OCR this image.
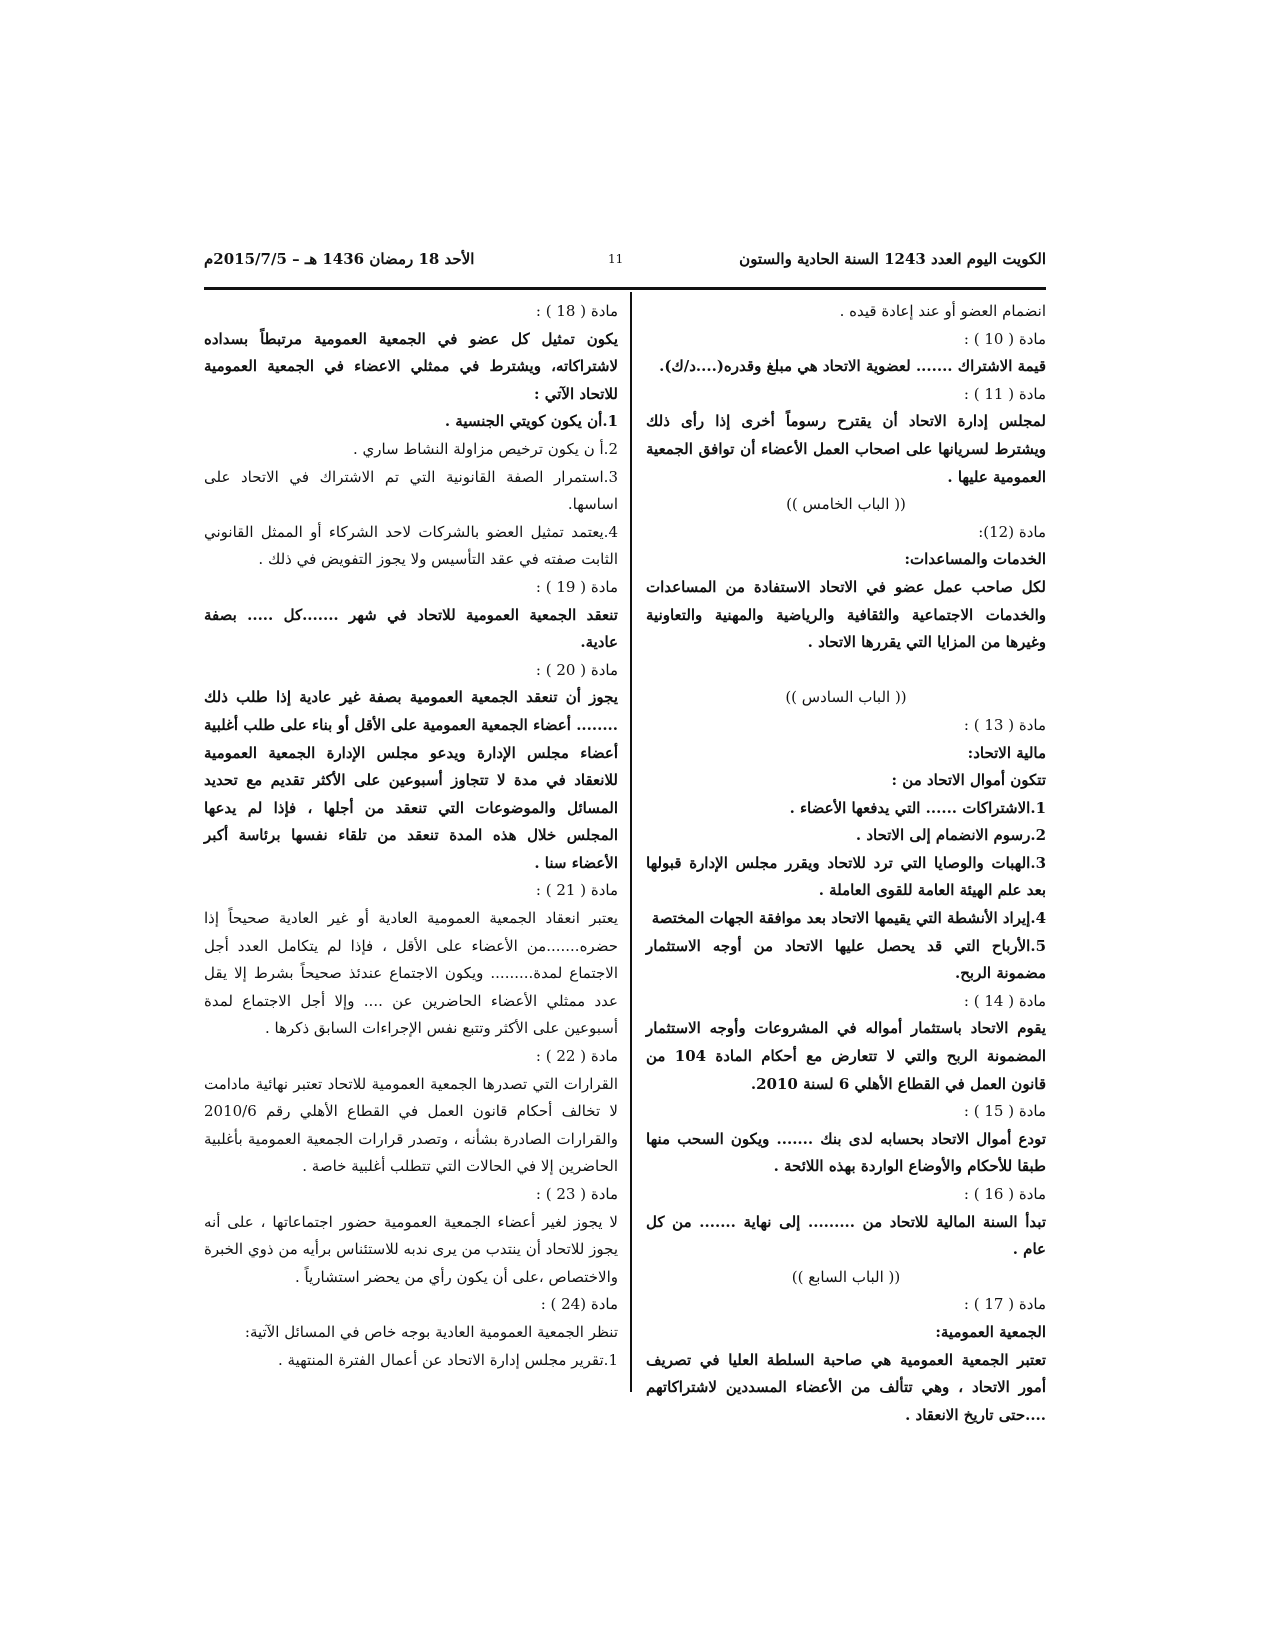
الكويت اليوم العدد 1243 السنة الحادية والستون
11
الأحد 18 رمضان 1436 هـ – 2015/7/5م

انضمام العضو أو عند إعادة قيده .

مادة ( 10 ) :

قيمة الاشتراك ....... لعضوية الاتحاد هي مبلغ وقدره(....د/ك).

مادة ( 11 ) :

لمجلس إدارة الاتحاد أن يقترح رسوماً أخرى إذا رأى ذلك ويشترط لسريانها على اصحاب العمل الأعضاء أن توافق الجمعية العمومية عليها .

(( الباب الخامس ))

مادة (12):

الخدمات والمساعدات:

لكل صاحب عمل عضو في الاتحاد الاستفادة من المساعدات والخدمات الاجتماعية والثقافية والرياضية والمهنية والتعاونية وغيرها من المزايا التي يقررها الاتحاد .

(( الباب السادس ))

مادة ( 13 ) :

مالية الاتحاد:

تتكون أموال الاتحاد من :

1.الاشتراكات ...... التي يدفعها الأعضاء .

2.رسوم الانضمام إلى الاتحاد .

3.الهبات والوصايا التي ترد للاتحاد ويقرر مجلس الإدارة قبولها بعد علم الهيئة العامة للقوى العاملة .

4.إيراد الأنشطة التي يقيمها الاتحاد بعد موافقة الجهات المختصة

5.الأرباح التي قد يحصل عليها الاتحاد من أوجه الاستثمار مضمونة الربح.

مادة ( 14 ) :

يقوم الاتحاد باستثمار أمواله في المشروعات وأوجه الاستثمار المضمونة الربح والتي لا تتعارض مع أحكام المادة 104 من قانون العمل في القطاع الأهلي 6 لسنة 2010.

مادة ( 15 ) :

تودع أموال الاتحاد بحسابه لدى بنك ....... ويكون السحب منها طبقا للأحكام والأوضاع الواردة بهذه اللائحة .

مادة ( 16 ) :

تبدأ السنة المالية للاتحاد من ......... إلى نهاية ....... من كل عام .

(( الباب السابع ))

مادة ( 17 ) :

الجمعية العمومية:

تعتبر الجمعية العمومية هي صاحبة السلطة العليا في تصريف أمور الاتحاد ، وهي تتألف من الأعضاء المسددين لاشتراكاتهم ....حتى تاريخ الانعقاد .

مادة ( 18 ) :

يكون تمثيل كل عضو في الجمعية العمومية مرتبطاً بسداده لاشتراكاته، ويشترط في ممثلي الاعضاء في الجمعية العمومية للاتحاد الآتي :

1.أن يكون كويتي الجنسية .

2.أ ن يكون ترخيص مزاولة النشاط ساري .

3.استمرار الصفة القانونية التي تم الاشتراك في الاتحاد على اساسها.

4.يعتمد تمثيل العضو بالشركات لاحد الشركاء أو الممثل القانوني الثابت صفته في عقد التأسيس ولا يجوز التفويض في ذلك .

مادة ( 19 ) :

تنعقد الجمعية العمومية للاتحاد في شهر .......كل ..... بصفة عادية.

مادة ( 20 ) :

يجوز أن تنعقد الجمعية العمومية بصفة غير عادية إذا طلب ذلك ........ أعضاء الجمعية العمومية على الأقل أو بناء على طلب أغلبية أعضاء مجلس الإدارة ويدعو مجلس الإدارة الجمعية العمومية للانعقاد في مدة لا تتجاوز أسبوعين على الأكثر تقديم مع تحديد المسائل والموضوعات التي تنعقد من أجلها ، فإذا لم يدعها المجلس خلال هذه المدة تنعقد من تلقاء نفسها برئاسة أكبر الأعضاء سنا .

مادة ( 21 ) :

يعتبر انعقاد الجمعية العمومية العادية أو غير العادية صحيحاً إذا حضره.......من الأعضاء على الأقل ، فإذا لم يتكامل العدد أجل الاجتماع لمدة......... ويكون الاجتماع عندئذ صحيحاً بشرط إلا يقل عدد ممثلي الأعضاء الحاضرين عن .... وإلا أجل الاجتماع لمدة أسبوعين على الأكثر وتتبع نفس الإجراءات السابق ذكرها .

مادة ( 22 ) :

القرارات التي تصدرها الجمعية العمومية للاتحاد تعتبر نهائية مادامت لا تخالف أحكام قانون العمل في القطاع الأهلي رقم 2010/6 والقرارات الصادرة بشأنه ، وتصدر قرارات الجمعية العمومية بأغلبية الحاضرين إلا في الحالات التي تتطلب أغلبية خاصة .

مادة ( 23 ) :

لا يجوز لغير أعضاء الجمعية العمومية حضور اجتماعاتها ، على أنه يجوز للاتحاد أن ينتدب من يرى ندبه للاستئناس برأيه من ذوي الخبرة والاختصاص ،على أن يكون رأي من يحضر استشارياً .

مادة (24 ) :

تنظر الجمعية العمومية العادية بوجه خاص في المسائل الآتية:

1.تقرير مجلس إدارة الاتحاد عن أعمال الفترة المنتهية .
